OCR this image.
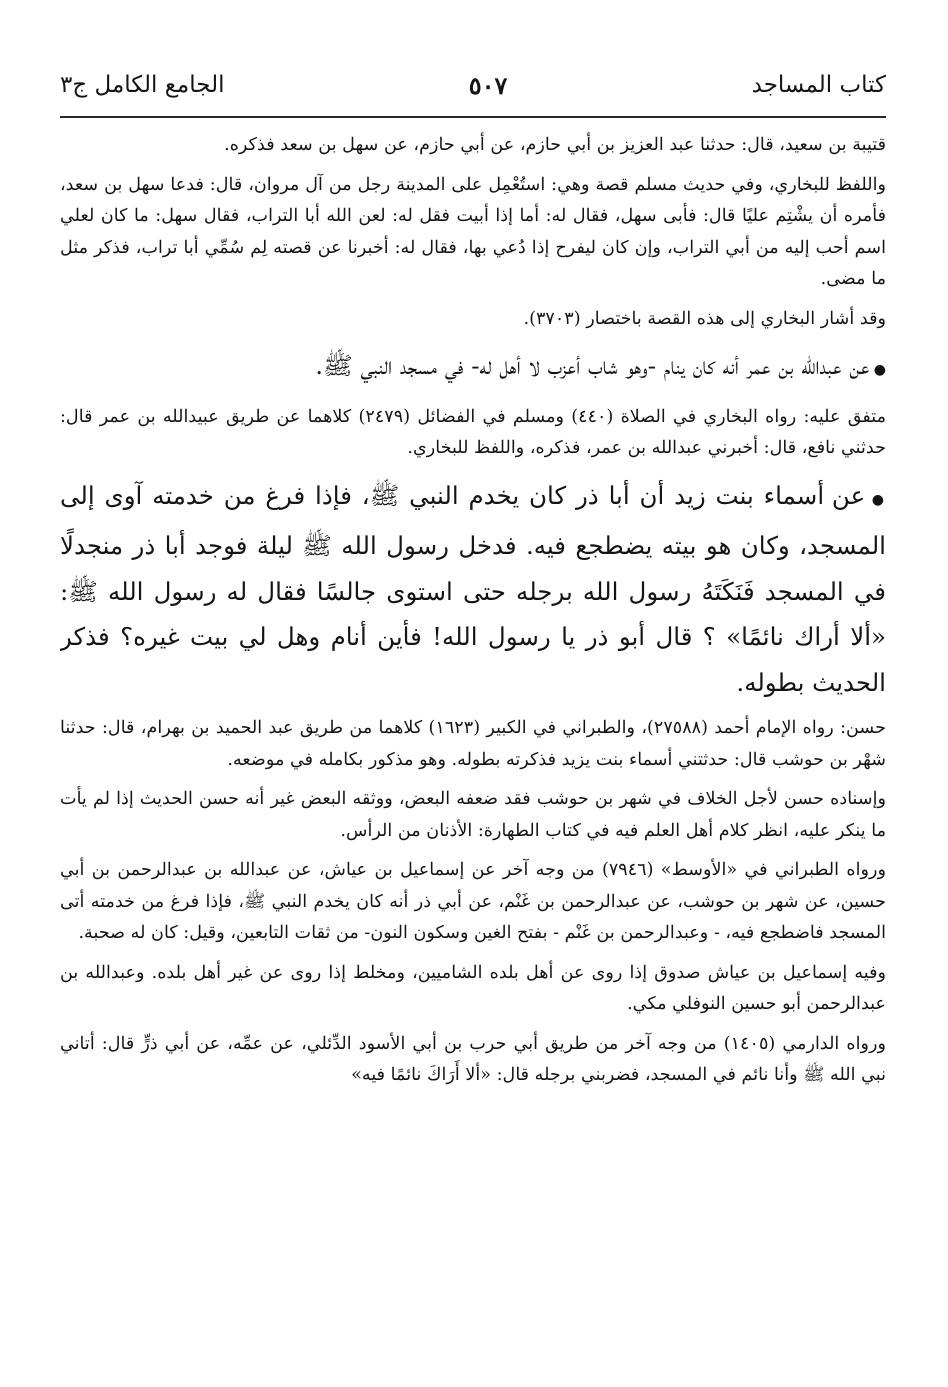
كتاب المساجد
٥٠٧
الجامع الكامل ج٣

قتيبة بن سعيد، قال: حدثنا عبد العزيز بن أبي حازم، عن أبي حازم، عن سهل بن سعد فذكره.

واللفظ للبخاري، وفي حديث مسلم قصة وهي: استُعْمِل على المدينة رجل من آل مروان، قال: فدعا سهل بن سعد، فأمره أن يشْتِم عليًا قال: فأبى سهل، فقال له: أما إذا أبيت فقل له: لعن الله أبا التراب، فقال سهل: ما كان لعلي اسم أحب إليه من أبي التراب، وإن كان ليفرح إذا دُعي بها، فقال له: أخبرنا عن قصته لِم سُمِّي أبا تراب، فذكر مثل ما مضى.

وقد أشار البخاري إلى هذه القصة باختصار (٣٧٠٣).

● عن عبدالله بن عمر أنه كان ينام -وهو شاب أعزب لا أهل له- في مسجد النبي ﷺ.

متفق عليه: رواه البخاري في الصلاة (٤٤٠) ومسلم في الفضائل (٢٤٧٩) كلاهما عن طريق عبيدالله بن عمر قال: حدثني نافع، قال: أخبرني عبدالله بن عمر، فذكره، واللفظ للبخاري.

● عن أسماء بنت زيد أن أبا ذر كان يخدم النبي ﷺ، فإذا فرغ من خدمته آوى إلى المسجد، وكان هو بيته يضطجع فيه. فدخل رسول الله ﷺ ليلة فوجد أبا ذر منجدلًا في المسجد فَنَكَتَهُ رسول الله برجله حتى استوى جالسًا فقال له رسول الله ﷺ: «ألا أراك نائمًا» ؟ قال أبو ذر يا رسول الله! فأين أنام وهل لي بيت غيره؟ فذكر الحديث بطوله.

حسن: رواه الإمام أحمد (٢٧٥٨٨)، والطبراني في الكبير (١٦٢٣) كلاهما من طريق عبد الحميد بن بهرام، قال: حدثنا شهْر بن حوشب قال: حدثتني أسماء بنت يزيد فذكرته بطوله. وهو مذكور بكامله في موضعه.

وإسناده حسن لأجل الخلاف في شهر بن حوشب فقد ضعفه البعض، ووثقه البعض غير أنه حسن الحديث إذا لم يأت ما ينكر عليه، انظر كلام أهل العلم فيه في كتاب الطهارة: الأذنان من الرأس.

ورواه الطبراني في «الأوسط» (٧٩٤٦) من وجه آخر عن إسماعيل بن عياش، عن عبدالله بن عبدالرحمن بن أبي حسين، عن شهر بن حوشب، عن عبدالرحمن بن غَنْم، عن أبي ذر أنه كان يخدم النبي ﷺ، فإذا فرغ من خدمته أتى المسجد فاضطجع فيه، - وعبدالرحمن بن غَنْم - بفتح الغين وسكون النون- من ثقات التابعين، وقيل: كان له صحبة.

وفيه إسماعيل بن عياش صدوق إذا روى عن أهل بلده الشاميين، ومخلط إذا روى عن غير أهل بلده. وعبدالله بن عبدالرحمن أبو حسين النوفلي مكي.

ورواه الدارمي (١٤٠٥) من وجه آخر من طريق أبي حرب بن أبي الأسود الدِّئلي، عن عمِّه، عن أبي ذرٍّ قال: أتاني نبي الله ﷺ وأنا نائم في المسجد، فضربني برجله قال: «ألا أَرَاكَ نائمًا فيه»
